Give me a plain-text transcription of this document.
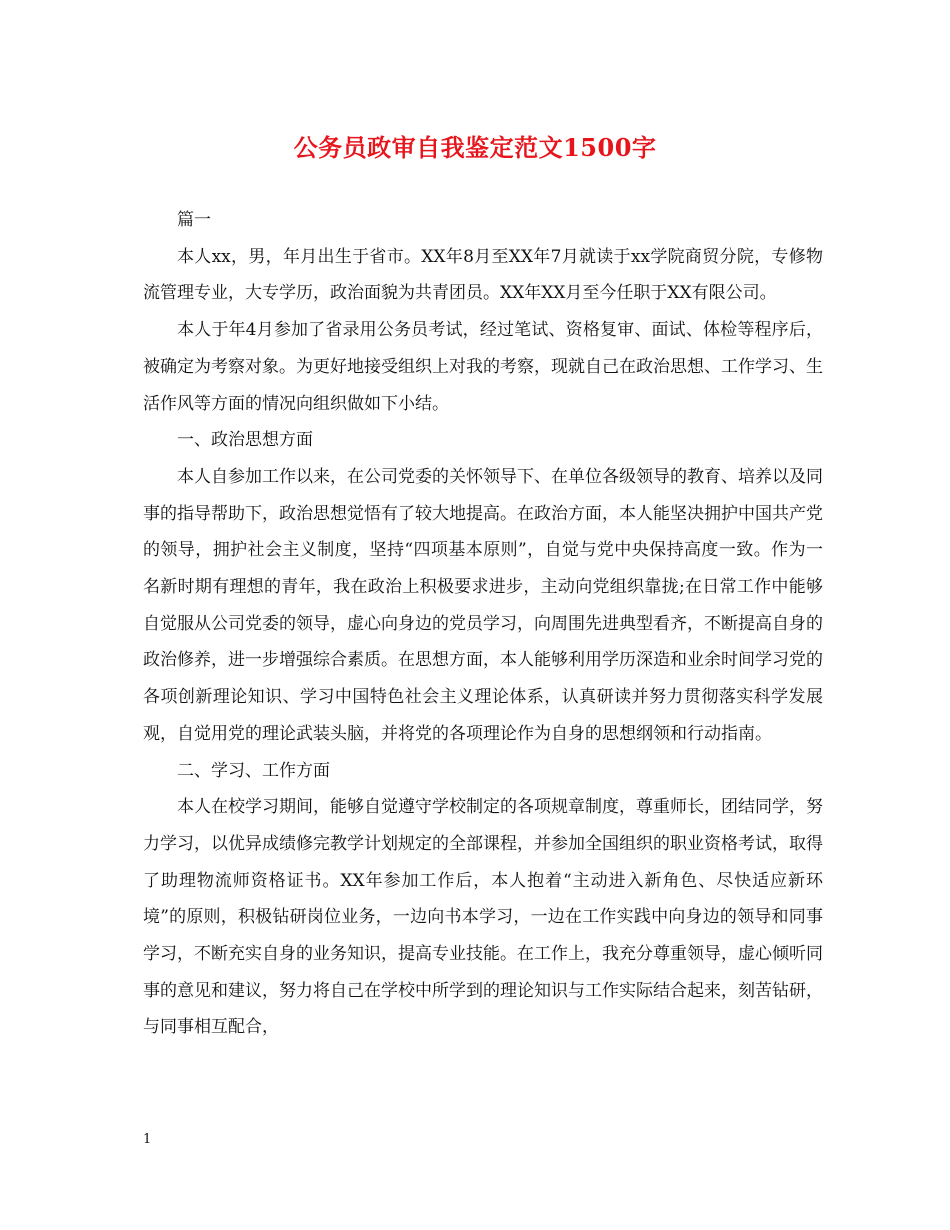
公务员政审自我鉴定范文1500字

篇一

本人xx，男，年月出生于省市。XX年8月至XX年7月就读于xx学院商贸分院，专修物流管理专业，大专学历，政治面貌为共青团员。XX年XX月至今任职于XX有限公司。

本人于年4月参加了省录用公务员考试，经过笔试、资格复审、面试、体检等程序后，被确定为考察对象。为更好地接受组织上对我的考察，现就自己在政治思想、工作学习、生活作风等方面的情况向组织做如下小结。

一、政治思想方面

本人自参加工作以来，在公司党委的关怀领导下、在单位各级领导的教育、培养以及同事的指导帮助下，政治思想觉悟有了较大地提高。在政治方面，本人能坚决拥护中国共产党的领导，拥护社会主义制度，坚持“四项基本原则”，自觉与党中央保持高度一致。作为一名新时期有理想的青年，我在政治上积极要求进步，主动向党组织靠拢;在日常工作中能够自觉服从公司党委的领导，虚心向身边的党员学习，向周围先进典型看齐，不断提高自身的政治修养，进一步增强综合素质。在思想方面，本人能够利用学历深造和业余时间学习党的各项创新理论知识、学习中国特色社会主义理论体系，认真研读并努力贯彻落实科学发展观，自觉用党的理论武装头脑，并将党的各项理论作为自身的思想纲领和行动指南。

二、学习、工作方面

本人在校学习期间，能够自觉遵守学校制定的各项规章制度，尊重师长，团结同学，努力学习，以优异成绩修完教学计划规定的全部课程，并参加全国组织的职业资格考试，取得了助理物流师资格证书。XX年参加工作后，本人抱着“主动进入新角色、尽快适应新环境”的原则，积极钻研岗位业务，一边向书本学习，一边在工作实践中向身边的领导和同事学习，不断充实自身的业务知识，提高专业技能。在工作上，我充分尊重领导，虚心倾听同事的意见和建议，努力将自己在学校中所学到的理论知识与工作实际结合起来，刻苦钻研，与同事相互配合，

1
